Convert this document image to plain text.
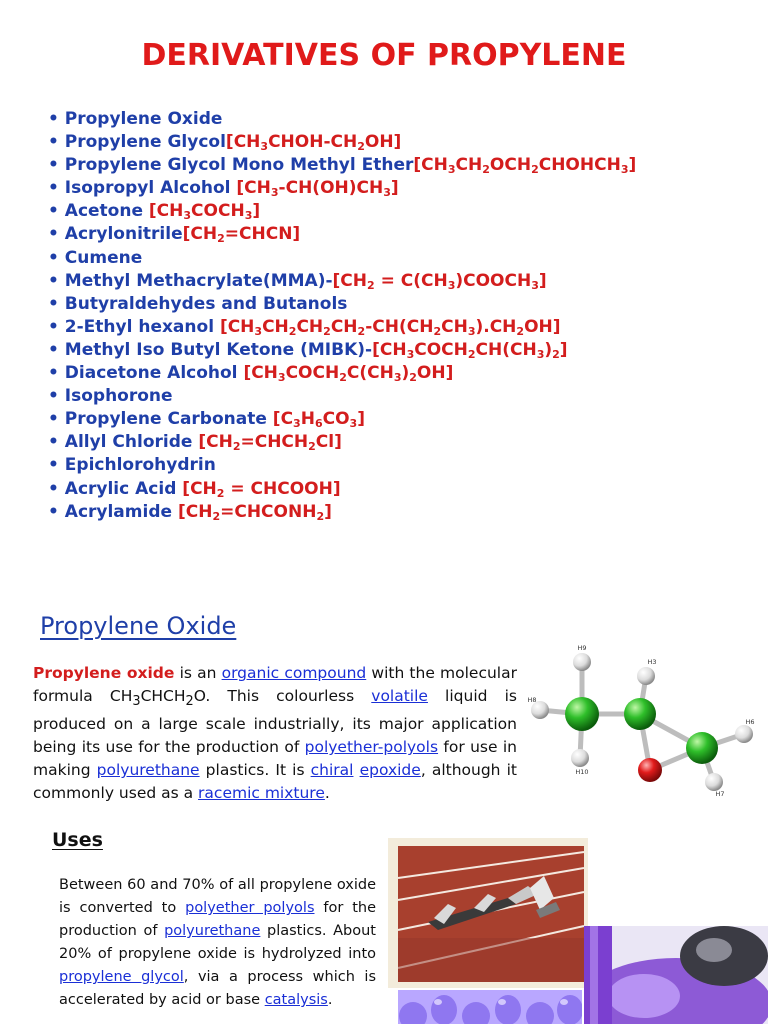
DERIVATIVES OF PROPYLENE
• Propylene Oxide
• Propylene $Glycol[CH_3CHOH-CH_2OH]$
• Propylene Glycol Mono Methyl $Ether[CH_3CH_2OCH_2CHOHCH_3]$
• Isopropyl Alcohol $[CH_3-CH(OH)CH_3]$
• Acetone $[CH_3COCH_3]$
• $Acrylonitrile[CH_2=CHCN]$
• Cumene
• Methyl $Methacrylate(MMA)-[CH_2$ = $C(CH_3)COOCH_3$]
• Butyraldehydes and Butanols
• 2-Ethyl hexanol $[CH_3CH_2CH_2CH_2-CH(CH_2CH_3).CH_2OH]$
• Methyl Iso Butyl Ketone $(MIBK)-[CH_3COCH_2CH(CH_3)_2]$
• Diacetone Alcohol $[CH_3COCH_2C(CH_3)_2OH]$
• Isophorone
• Propylene Carbonate $[C_3H_6CO_3]$
• Allyl Chloride $[CH_2=CHCH_2Cl]$
• Epichlorohydrin
• Acrylic Acid [$CH_2$ = CHCOOH]
• Acrylamide $[CH_2=CHCONH_2]$
Propylene Oxide
Propylene oxide is an organic compound with the molecular formula $CH_3CHCH_2O$. This colourless volatile liquid is produced on a large scale industrially, its major application being its use for the production of polyether-polyols for use in making polyurethane plastics. It is chiral epoxide, although it commonly used as a racemic mixture.
H9
H3
H8
H6
H10
H7
Uses
Between 60 and 70% of all propylene oxide is converted to polyether polyols for the production of polyurethane plastics. About 20% of propylene oxide is hydrolyzed into propylene glycol, via a process which is accelerated by acid or base catalysis.
